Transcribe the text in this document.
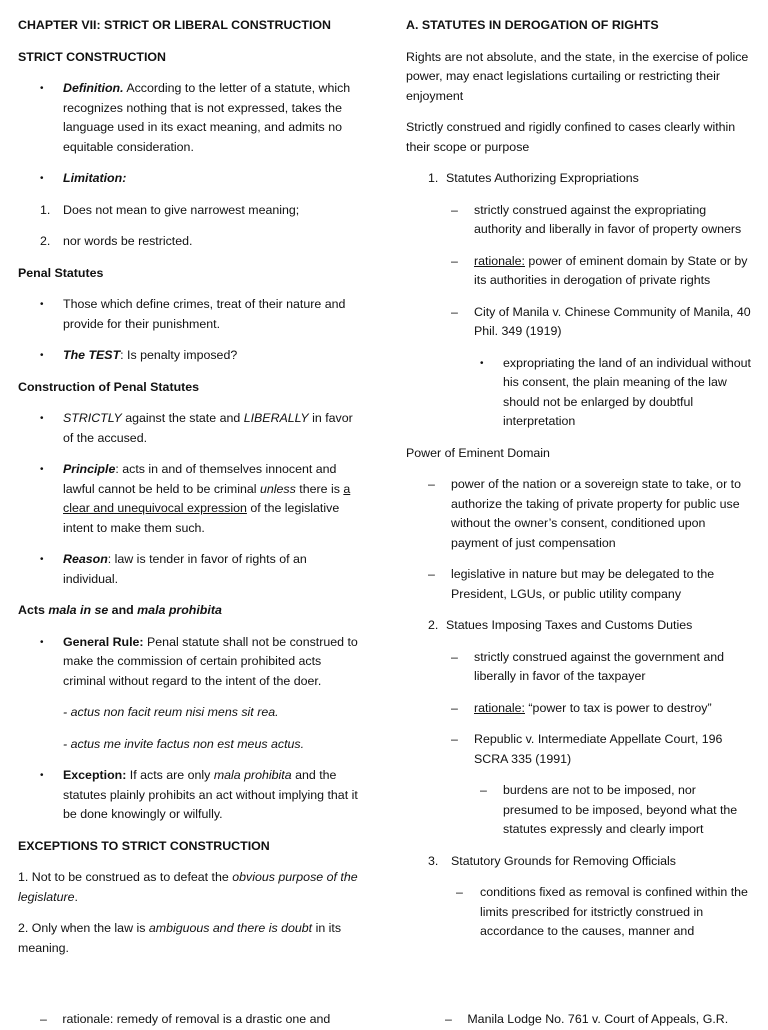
CHAPTER VII: STRICT OR LIBERAL CONSTRUCTION

STRICT CONSTRUCTION

• Definition. According to the letter of a statute, which recognizes nothing that is not expressed, takes the language used in its exact meaning, and admits no equitable consideration.

• Limitation:

1. Does not mean to give narrowest meaning;

2. nor words be restricted.

Penal Statutes

• Those which define crimes, treat of their nature and provide for their punishment.

• The TEST: Is penalty imposed?

Construction of Penal Statutes

• STRICTLY against the state and LIBERALLY in favor of the accused.

• Principle: acts in and of themselves innocent and lawful cannot be held to be criminal unless there is a clear and unequivocal expression of the legislative intent to make them such.

• Reason: law is tender in favor of rights of an individual.

Acts mala in se and mala prohibita

• General Rule: Penal statute shall not be construed to make the commission of certain prohibited acts criminal without regard to the intent of the doer.

- actus non facit reum nisi mens sit rea.

- actus me invite factus non est meus actus.

• Exception: If acts are only mala prohibita and the statutes plainly prohibits an act without implying that it be done knowingly or wilfully.

EXCEPTIONS TO STRICT CONSTRUCTION

1. Not to be construed as to defeat the obvious purpose of the legislature.

2. Only when the law is ambiguous and there is doubt in its meaning.

– rationale: remedy of removal is a drastic one and

A. STATUTES IN DEROGATION OF RIGHTS

Rights are not absolute, and the state, in the exercise of police power, may enact legislations curtailing or restricting their enjoyment

Strictly construed and rigidly confined to cases clearly within their scope or purpose

1. Statutes Authorizing Expropriations

– strictly construed against the expropriating authority and liberally in favor of property owners

– rationale: power of eminent domain by State or by its authorities in derogation of private rights

– City of Manila v. Chinese Community of Manila, 40 Phil. 349 (1919)

• expropriating the land of an individual without his consent, the plain meaning of the law should not be enlarged by doubtful interpretation

Power of Eminent Domain

– power of the nation or a sovereign state to take, or to authorize the taking of private property for public use without the owner’s consent, conditioned upon payment of just compensation

– legislative in nature but may be delegated to the President, LGUs, or public utility company

2. Statues Imposing Taxes and Customs Duties

– strictly construed against the government and liberally in favor of the taxpayer

– rationale: “power to tax is power to destroy”

– Republic v. Intermediate Appellate Court, 196 SCRA 335 (1991)

– burdens are not to be imposed, nor presumed to be imposed, beyond what the statutes expressly and clearly import

3. Statutory Grounds for Removing Officials

– conditions fixed as removal is confined within the limits prescribed for itstrictly construed in accordance to the causes, manner and

– Manila Lodge No. 761 v. Court of Appeals, G.R.
